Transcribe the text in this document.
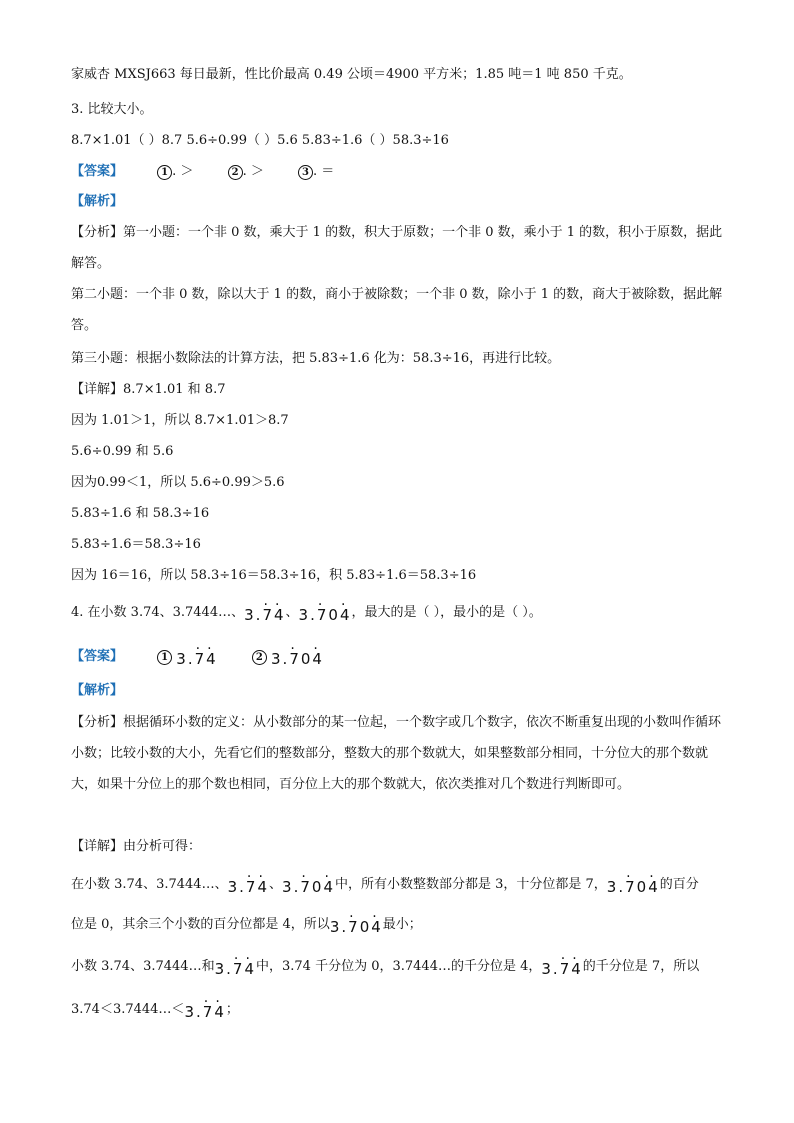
家威杏 MXSJ663 每日最新，性比价最高 0.49 公顷＝4900 平方米；1.85 吨＝1 吨 850 千克。
3. 比较大小。
8.7×1.01（ ）8.7 5.6÷0.99（ ）5.6 5.83÷1.6（ ）58.3÷16
【答案】	1 . ＞	2 . ＞	3 . ＝
【解析】
【分析】第一小题：一个非 0 数，乘大于 1 的数，积大于原数；一个非 0 数，乘小于 1 的数，积小于原数，据此解答。
第二小题：一个非 0 数，除以大于 1 的数，商小于被除数；一个非 0 数，除小于 1 的数，商大于被除数，据此解答。
第三小题：根据小数除法的计算方法，把 5.83÷1.6 化为：58.3÷16，再进行比较。
【详解】8.7×1.01 和 8.7
因为 1.01＞1，所以 8.7×1.01＞8.7
5.6÷0.99 和 5.6
因为0.99＜1，所以 5.6÷0.99＞5.6
5.83÷1.6 和 58.3÷16
5.83÷1.6＝58.3÷16
因为 16＝16，所以 58.3÷16＝58.3÷16，积 5.83÷1.6＝58.3÷16
4. 在小数 3.74、3.7444…、3.· 7· 4、3.· 70· 4，最大的是（ ），最小的是（ ）。
【答案】	1 3.· 7· 4	2 3.· 70· 4
【解析】
【分析】根据循环小数的定义：从小数部分的某一位起，一个数字或几个数字，依次不断重复出现的小数叫作循环小数；比较小数的大小，先看它们的整数部分，整数大的那个数就大，如果整数部分相同，十分位大的那个数就大，如果十分位上的那个数也相同，百分位上大的那个数就大，依次类推对几个数进行判断即可。
【详解】由分析可得：
在小数 3.74、3.7444…、3.· 7· 4、3.· 70· 4中，所有小数整数部分都是 3，十分位都是 7，3.· 70· 4的百分
位是 0，其余三个小数的百分位都是 4，所以3.· 70· 4最小；
小数 3.74、3.7444…和3.· 7· 4中，3.74 千分位为 0，3.7444…的千分位是 4，3.· 7· 4的千分位是 7，所以
3.74＜3.7444…＜3.· 7· 4；
